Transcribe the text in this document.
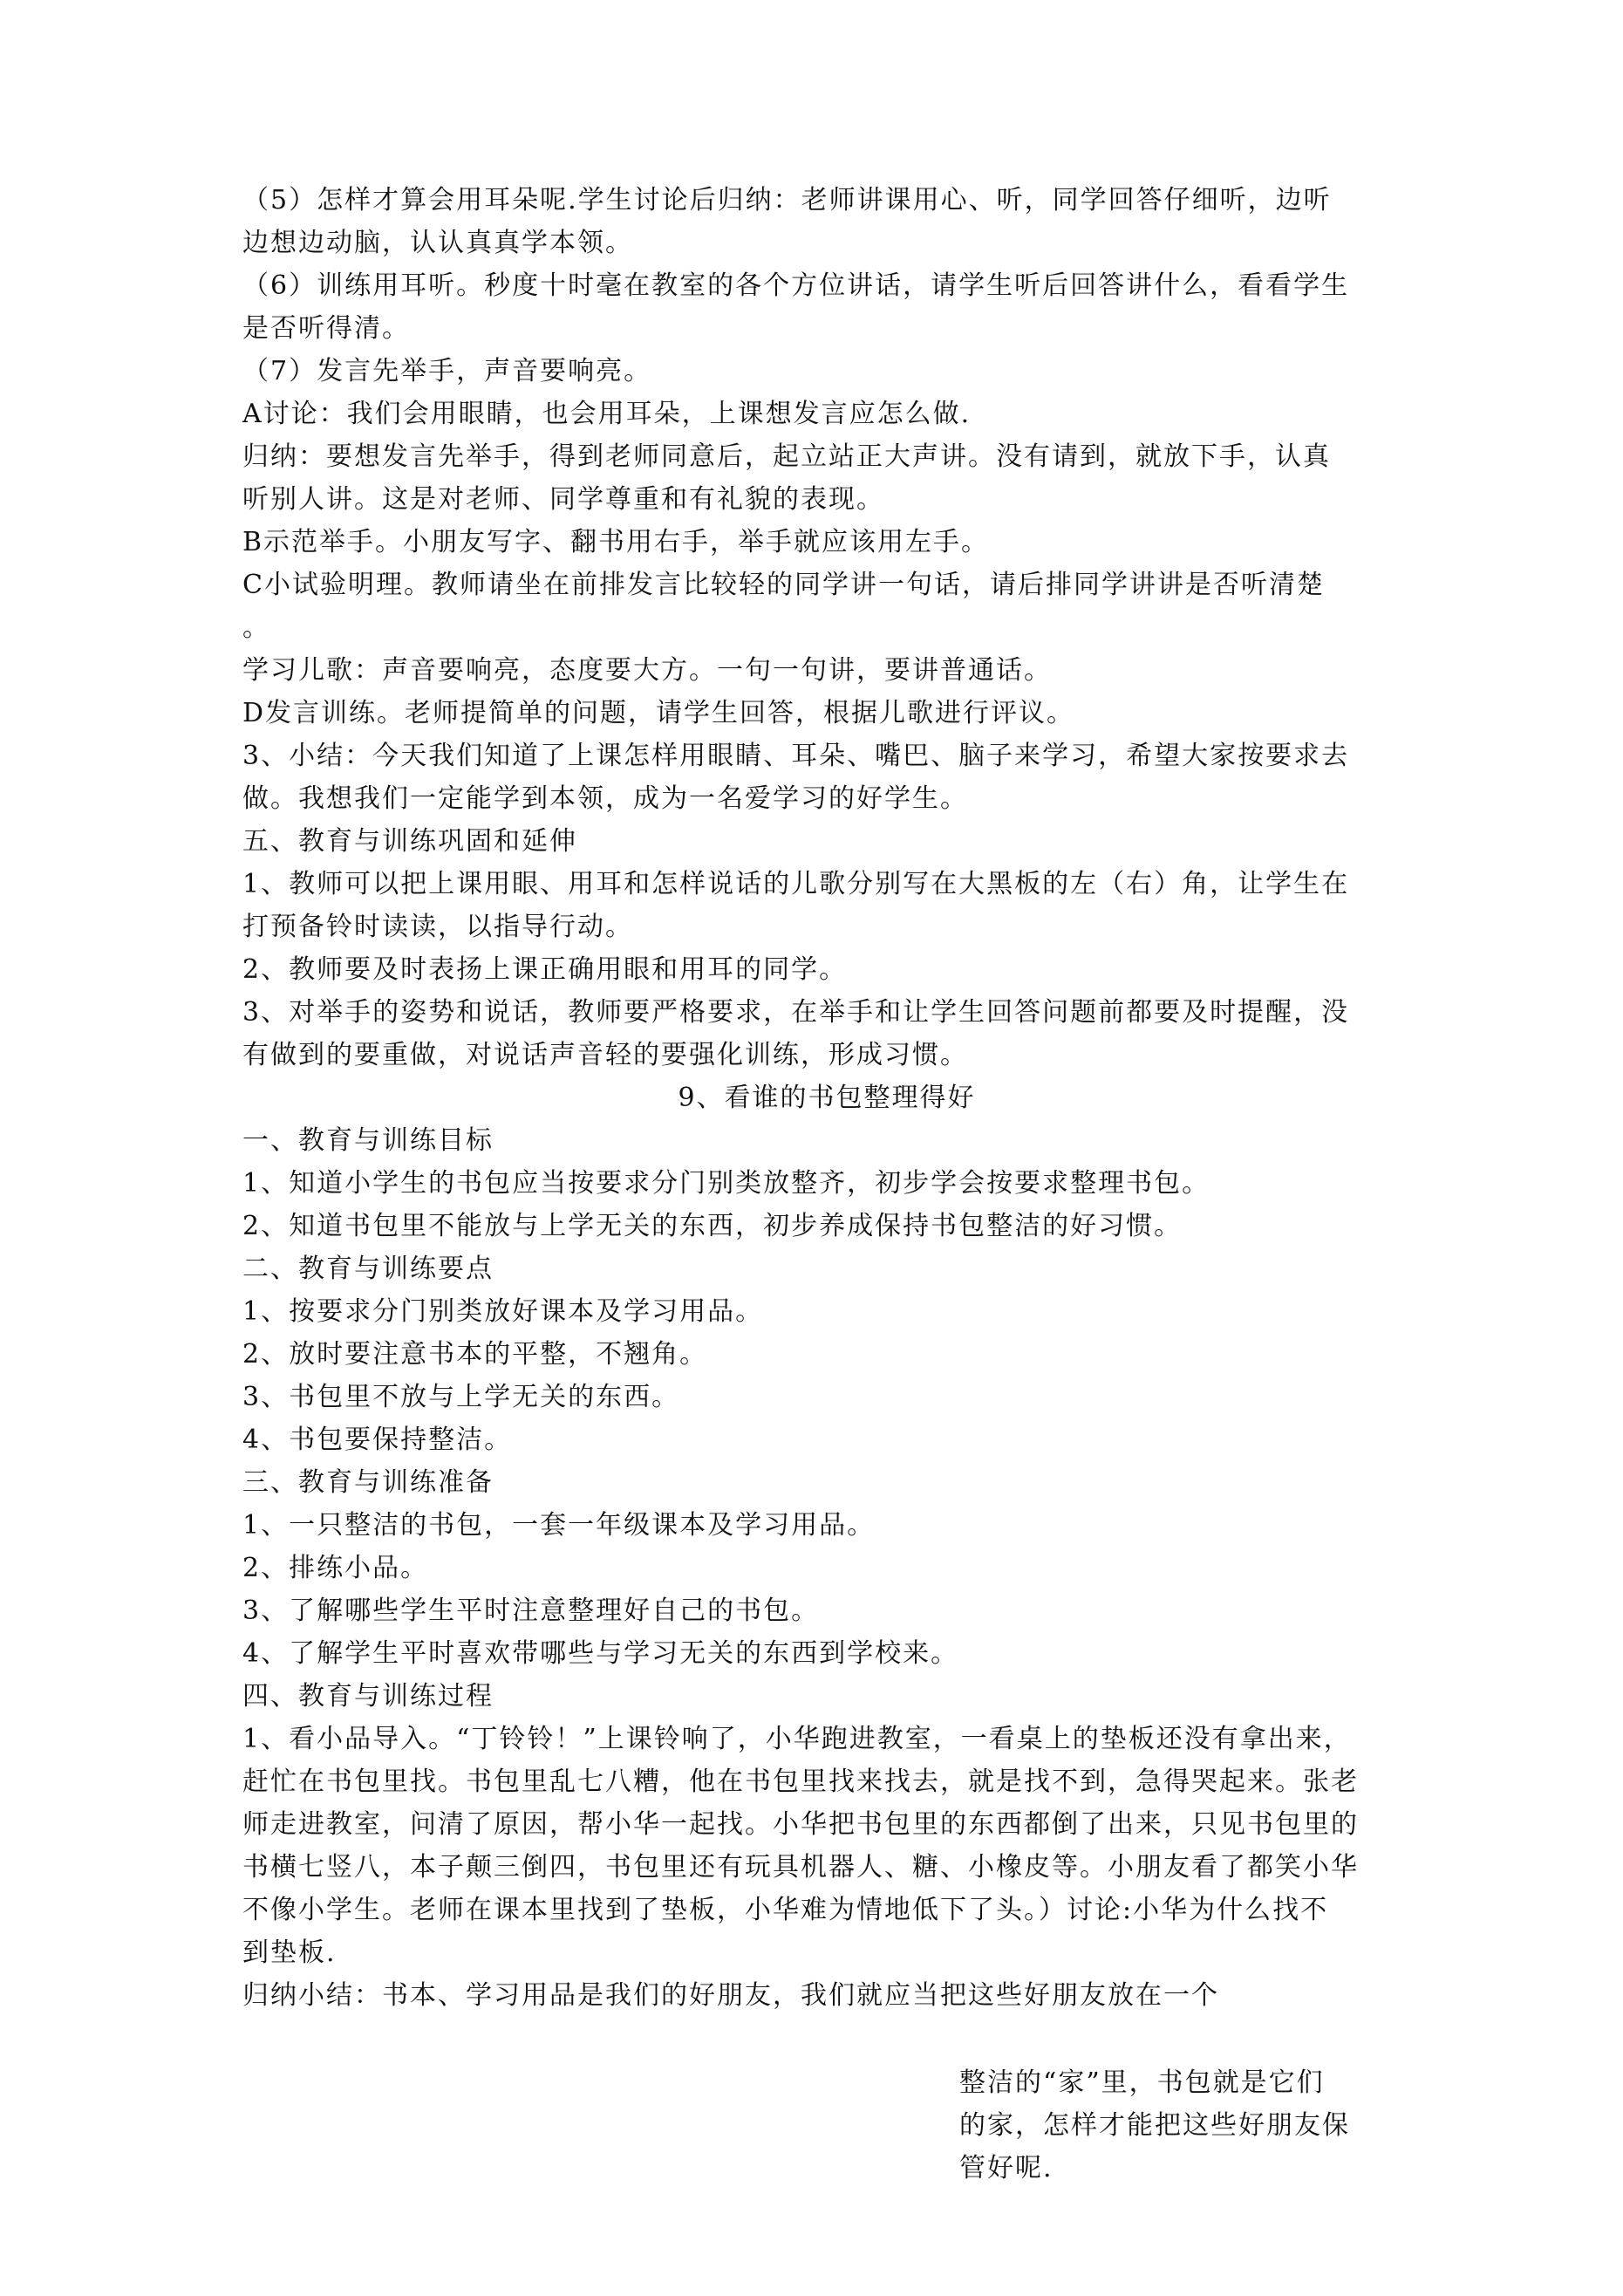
（5）怎样才算会用耳朵呢.学生讨论后归纳：老师讲课用心、听，同学回答仔细听，边听

边想边动脑，认认真真学本领。

（6）训练用耳听。秒度十时毫在教室的各个方位讲话，请学生听后回答讲什么，看看学生

是否听得清。

（7）发言先举手，声音要响亮。

A讨论：我们会用眼睛，也会用耳朵，上课想发言应怎么做.

归纳：要想发言先举手，得到老师同意后，起立站正大声讲。没有请到，就放下手，认真

听别人讲。这是对老师、同学尊重和有礼貌的表现。

B示范举手。小朋友写字、翻书用右手，举手就应该用左手。

C小试验明理。教师请坐在前排发言比较轻的同学讲一句话，请后排同学讲讲是否听清楚

。

学习儿歌：声音要响亮，态度要大方。一句一句讲，要讲普通话。

D发言训练。老师提简单的问题，请学生回答，根据儿歌进行评议。

3、小结：今天我们知道了上课怎样用眼睛、耳朵、嘴巴、脑子来学习，希望大家按要求去

做。我想我们一定能学到本领，成为一名爱学习的好学生。

五、教育与训练巩固和延伸

1、教师可以把上课用眼、用耳和怎样说话的儿歌分别写在大黑板的左（右）角，让学生在

打预备铃时读读，以指导行动。

2、教师要及时表扬上课正确用眼和用耳的同学。

3、对举手的姿势和说话，教师要严格要求，在举手和让学生回答问题前都要及时提醒，没

有做到的要重做，对说话声音轻的要强化训练，形成习惯。

9、看谁的书包整理得好

一、教育与训练目标

1、知道小学生的书包应当按要求分门别类放整齐，初步学会按要求整理书包。

2、知道书包里不能放与上学无关的东西，初步养成保持书包整洁的好习惯。

二、教育与训练要点

1、按要求分门别类放好课本及学习用品。

2、放时要注意书本的平整，不翘角。

3、书包里不放与上学无关的东西。

4、书包要保持整洁。

三、教育与训练准备

1、一只整洁的书包，一套一年级课本及学习用品。

2、排练小品。

3、了解哪些学生平时注意整理好自己的书包。

4、了解学生平时喜欢带哪些与学习无关的东西到学校来。

四、教育与训练过程

1、看小品导入。“丁铃铃！”上课铃响了，小华跑进教室，一看桌上的垫板还没有拿出来，

赶忙在书包里找。书包里乱七八糟，他在书包里找来找去，就是找不到，急得哭起来。张老

师走进教室，问清了原因，帮小华一起找。小华把书包里的东西都倒了出来，只见书包里的

书横七竖八，本子颠三倒四，书包里还有玩具机器人、糖、小橡皮等。小朋友看了都笑小华

不像小学生。老师在课本里找到了垫板，小华难为情地低下了头。）讨论:小华为什么找不

到垫板.

归纳小结：书本、学习用品是我们的好朋友，我们就应当把这些好朋友放在一个

整洁的“家”里，书包就是它们

的家，怎样才能把这些好朋友保

管好呢.
